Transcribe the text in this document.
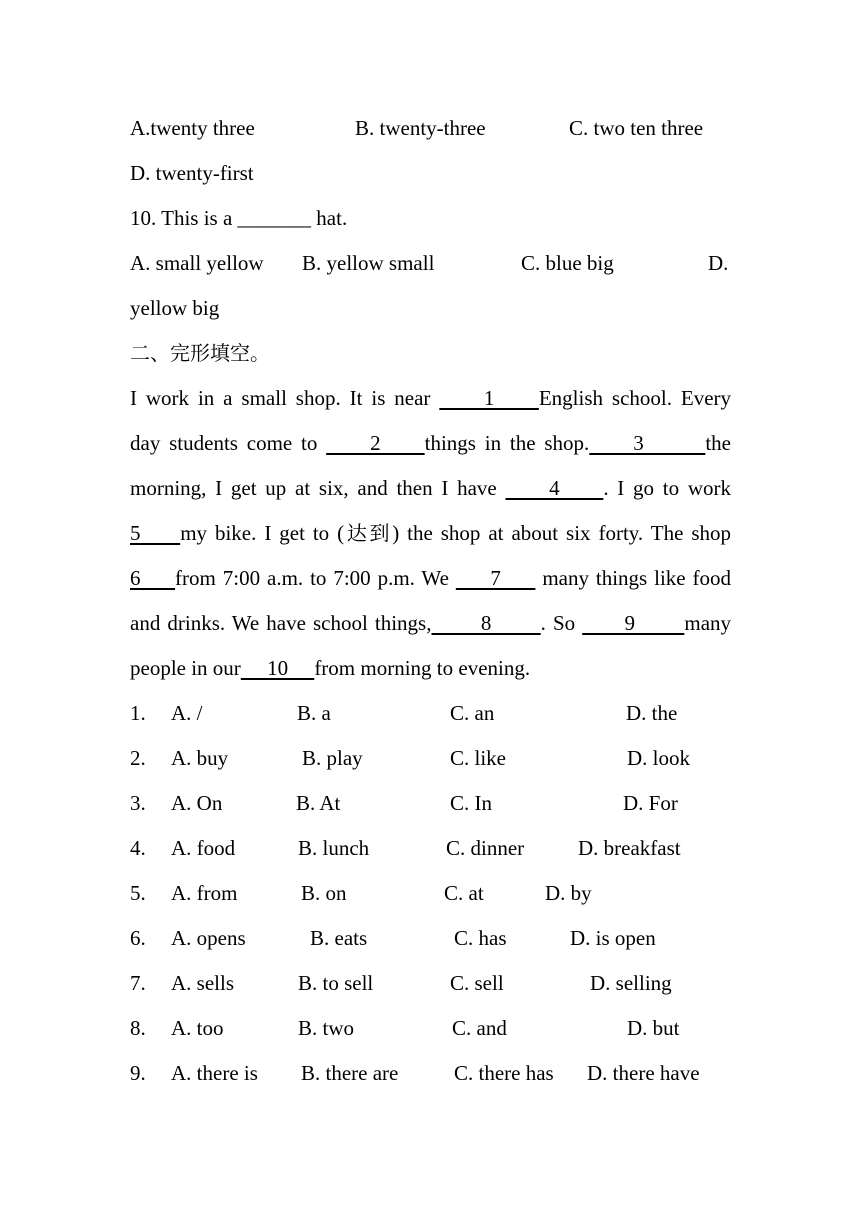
A.twenty three	B. twenty-three	C. two ten three
D. twenty-first
10. This is a _______ hat.
A. small yellow B. yellow small	C. blue big	D.
yellow big
二、完形填空。
I work in a small shop. It is near      1     English school. Every
day students come to      2     things in the shop.     3       the
morning, I get up at six, and then I have      4     . I go to work
5     my bike. I get to (达到) the shop at about six forty. The shop
6     from 7:00 a.m. to 7:00 p.m. We      7      many things like food
and drinks. We have school things,       8       . So       9       many
people in our     10     from morning to evening.
1. A. /	B. a	C. an	D. the
2. A. buy	B. play	C. like	D. look
3. A. On	B. At	C. In	D. For
4. A. food	B. lunch	C. dinner	D. breakfast
5. A. from	B. on	C. at	D. by
6. A. opens	B. eats	C. has	D. is open
7. A. sells	B. to sell	C. sell	D. selling
8. A. too	B. two	C. and	D. but
9. A. there is B. there are	C. there has D. there have
